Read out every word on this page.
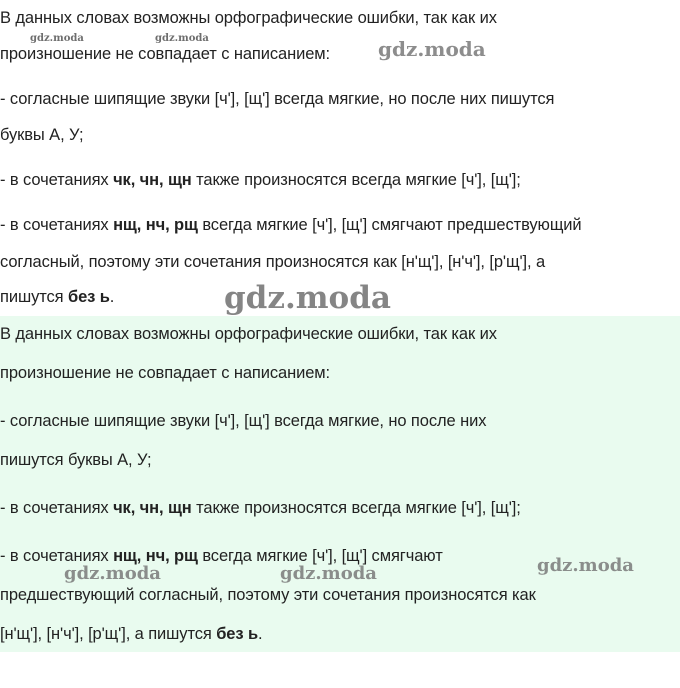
В данных словах возможны орфографические ошибки, так как их

произношение не совпадает с написанием:

- согласные шипящие звуки [ч'], [щ'] всегда мягкие, но после них пишутся

буквы А, У;

- в сочетаниях чк, чн, щн также произносятся всегда мягкие [ч'], [щ'];

- в сочетаниях нщ, нч, рщ всегда мягкие [ч'], [щ'] смягчают предшествующий

согласный, поэтому эти сочетания произносятся как [н'щ'], [н'ч'], [р'щ'], а

пишутся без ь.

В данных словах возможны орфографические ошибки, так как их

произношение не совпадает с написанием:

- согласные шипящие звуки [ч'], [щ'] всегда мягкие, но после них

пишутся буквы А, У;

- в сочетаниях чк, чн, щн также произносятся всегда мягкие [ч'], [щ'];

- в сочетаниях нщ, нч, рщ всегда мягкие [ч'], [щ'] смягчают

предшествующий согласный, поэтому эти сочетания произносятся как

[н'щ'], [н'ч'], [р'щ'], а пишутся без ь.

gdz.moda	gdz.moda	gdz.moda
gdz.moda
gdz.moda	gdz.moda	gdz.moda
